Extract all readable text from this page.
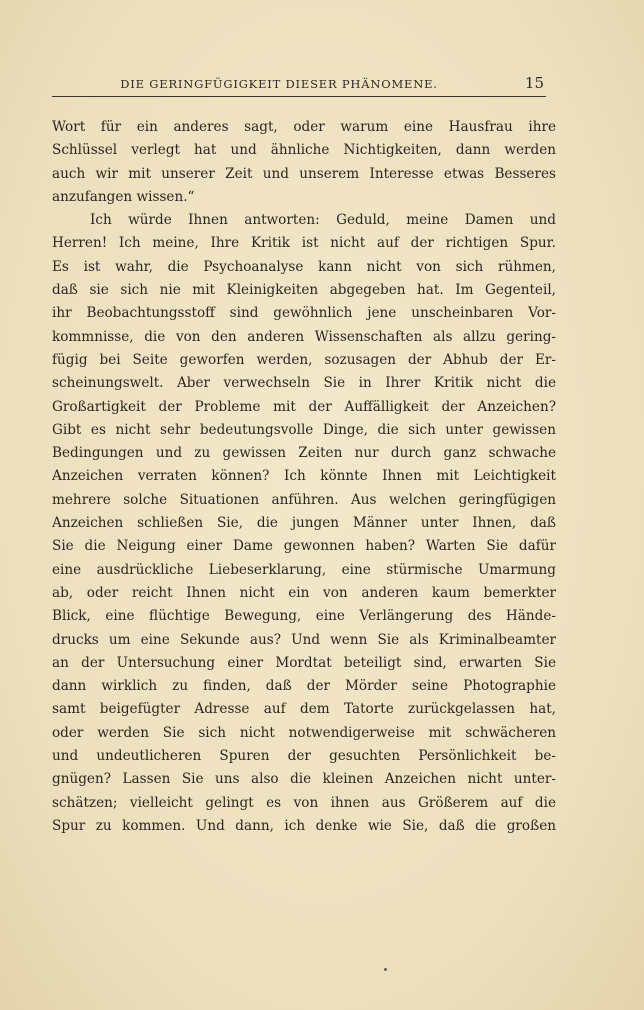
DIE GERINGFÜGIGKEIT DIESER PHÄNOMENE.	15
Wort für ein anderes sagt, oder warum eine Hausfrau ihre
Schlüssel verlegt hat und ähnliche Nichtigkeiten, dann werden
auch wir mit unserer Zeit und unserem Interesse etwas Besseres
anzufangen wissen.“
Ich würde Ihnen antworten: Geduld, meine Damen und
Herren! Ich meine, Ihre Kritik ist nicht auf der richtigen Spur.
Es ist wahr, die Psychoanalyse kann nicht von sich rühmen,
daß sie sich nie mit Kleinigkeiten abgegeben hat. Im Gegenteil,
ihr Beobachtungsstoff sind gewöhnlich jene unscheinbaren Vor-
kommnisse, die von den anderen Wissenschaften als allzu gering-
fügig bei Seite geworfen werden, sozusagen der Abhub der Er-
scheinungswelt. Aber verwechseln Sie in Ihrer Kritik nicht die
Großartigkeit der Probleme mit der Auffälligkeit der Anzeichen?
Gibt es nicht sehr bedeutungsvolle Dinge, die sich unter gewissen
Bedingungen und zu gewissen Zeiten nur durch ganz schwache
Anzeichen verraten können? Ich könnte Ihnen mit Leichtigkeit
mehrere solche Situationen anführen. Aus welchen geringfügigen
Anzeichen schließen Sie, die jungen Männer unter Ihnen, daß
Sie die Neigung einer Dame gewonnen haben? Warten Sie dafür
eine ausdrückliche Liebeserklarung, eine stürmische Umarmung
ab, oder reicht Ihnen nicht ein von anderen kaum bemerkter
Blick, eine flüchtige Bewegung, eine Verlängerung des Hände-
drucks um eine Sekunde aus? Und wenn Sie als Kriminalbeamter
an der Untersuchung einer Mordtat beteiligt sind, erwarten Sie
dann wirklich zu finden, daß der Mörder seine Photographie
samt beigefügter Adresse auf dem Tatorte zurückgelassen hat,
oder werden Sie sich nicht notwendigerweise mit schwächeren
und undeutlicheren Spuren der gesuchten Persönlichkeit be-
gnügen? Lassen Sie uns also die kleinen Anzeichen nicht unter-
schätzen; vielleicht gelingt es von ihnen aus Größerem auf die
Spur zu kommen. Und dann, ich denke wie Sie, daß die großen
